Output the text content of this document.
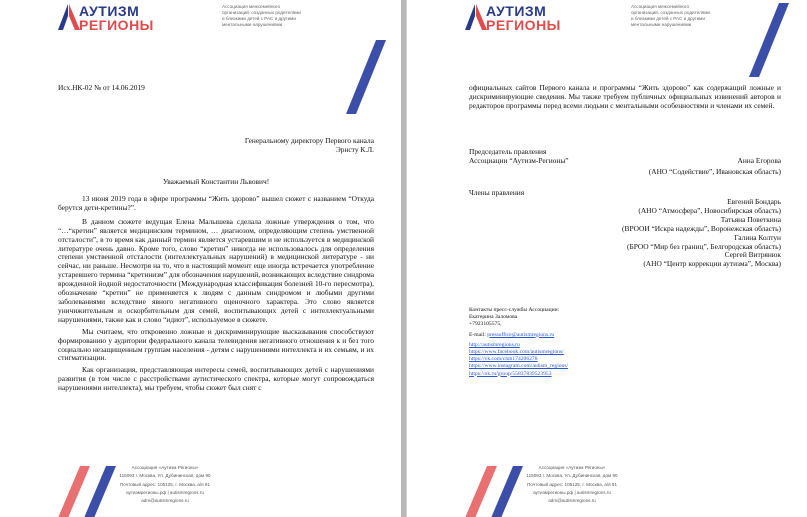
АУТИЗМ
РЕГИОНЫ
Ассоциация межсемейного
организаций, созданных родителями
и близкими детей с РАС и другими
ментальными нарушениями
Исх.НК-02 № от 14.06.2019
Генеральному директору Первого канала
Эрнсту К.Л.
Уважаемый Константин Львович!

13 июня 2019 года в эфире программы “Жить здорово” вышел сюжет с названием “Откуда берутся дети-кретины?”.

В данном сюжете ведущая Елена Малышева сделала ложные утверждения о том, что “…“кретин” является медицинским термином, … диагнозом, определяющим степень умственной отсталости”, в то время как данный термин является устаревшим и не используется в медицинской литературе очень давно. Кроме того, слово “кретин” никогда не использовалось для определения степени умственной отсталости (интеллектуальных нарушений) в медицинской литературе - ни сейчас, ни раньше. Несмотря на то, что в настоящий момент еще иногда встречается употребление устаревшего термина “кретинизм” для обозначения нарушений, возникающих вследствие синдрома врожденной йодной недостаточности (Международная классификация болезней 10-го пересмотра), обозначение “кретин” не применяется к людям с данным синдромом и любыми другими заболеваниями вследствие явного негативного оценочного характера. Это слово является уничижительным и оскорбительным для семей, воспитывающих детей с интеллектуальными нарушениями, также как и слово “идиот”, используемое в сюжете.

Мы считаем, что откровенно ложные и дискриминирующие высказывания способствуют формированию у аудитории федерального канала телевидения негативного отношения к и без того социально незащищенным группам населения - детям с нарушениями интеллекта и их семьям, и их стигматизации.

Как организация, представляющая интересы семей, воспитывающих детей с нарушениями развития (в том числе с расстройствами аутистического спектра, которые могут сопровождаться нарушениями интеллекта), мы требуем, чтобы сюжет был снят с

Ассоциация «Аутизм Регионы»
115093 г. Москва, Ул. Дубининская, дом 90
Почтовый адрес: 105125, г. Москва, а/я 91
аутизмрегионы.рф | autismregions.ru
adm@autismregions.ru
АУТИЗМ
РЕГИОНЫ
Ассоциация межсемейного
организаций, созданных родителями
и близкими детей с РАС и другими
ментальными нарушениями
официальных сайтов Первого канала и программы “Жить здорово” как содержащий ложные и дискриминирующие сведения. Мы также требуем публичных официальных извинений авторов и редакторов программы перед всеми людьми с ментальными особенностями и членами их семей.
Председатель правления
Ассоциации “Аутизм-Регионы”	Анна Егорова
(АНО “Содействие”, Ивановская область)
Члены правления
Евгений Бондарь
(АНО “Атмосфера”, Новосибирская область)
Татьяна Поветкина
(ВРООИ “Искра надежды”, Воронежская область)
Галина Колтун
(БРОО “Мир без границ”, Белгородская область)
Сергей Витрянюк
(АНО “Центр коррекции аутизма”, Москва)
Контакты пресс-службы Ассоциации:
Екатерина Заломова
+7923105575,
E-mail: pressoffice@autismregions.ru
http://autismregions.ru
https://www.facebook.com/autismregions/
https://vk.com/club174206278
https://www.instagram.com/autism_regions/
https://ok.ru/group/55837839523953
Ассоциация «Аутизм Регионы»
115093 г. Москва, Ул. Дубининская, дом 90
Почтовый адрес: 105125, г. Москва, а/я 91
аутизмрегионы.рф | autismregions.ru
adm@autismregions.ru
